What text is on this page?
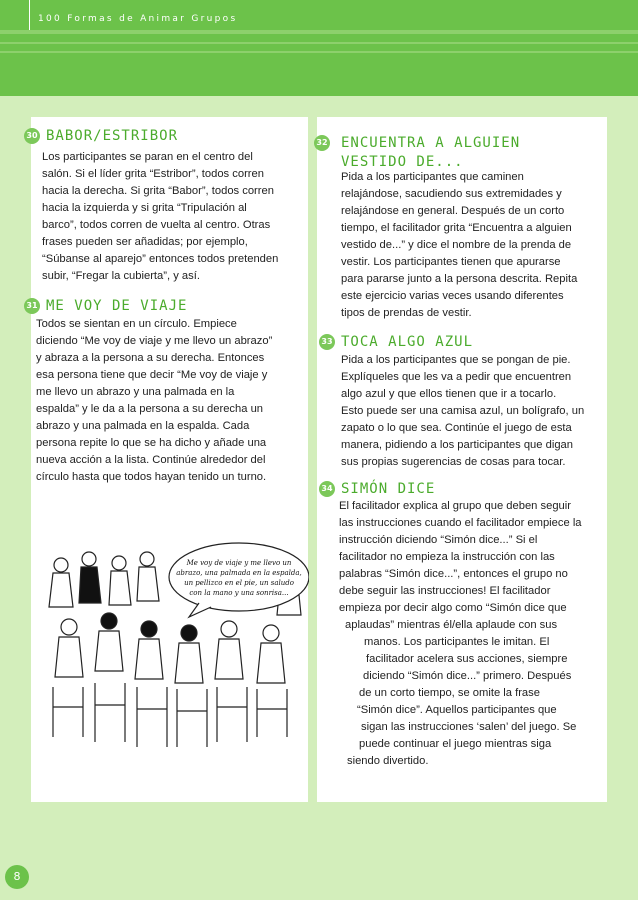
100 Formas de Animar Grupos
30 BABOR/ESTRIBOR

Los participantes se paran en el centro del

salón. Si el líder grita “Estribor”, todos corren

hacia la derecha. Si grita “Babor”, todos corren

hacia la izquierda y si grita “Tripulación al

barco”, todos corren de vuelta al centro. Otras

frases pueden ser añadidas; por ejemplo,

“Súbanse al aparejo” entonces todos pretenden

subir, “Fregar la cubierta”, y así.

31 ME VOY DE VIAJE

Todos se sientan en un círculo. Empiece

diciendo “Me voy de viaje y me llevo un abrazo”

y abraza a la persona a su derecha. Entonces

esa persona tiene que decir “Me voy de viaje y

me llevo un abrazo y una palmada en la

espalda” y le da a la persona a su derecha un

abrazo y una palmada en la espalda. Cada

persona repite lo que se ha dicho y añade una

nueva acción a la lista. Continúe alrededor del

círculo hasta que todos hayan tenido un turno.

Me voy de viaje y me llevo un
abrazo, una palmada en la espalda,
un pellizco en el pie, un saludo
con la mano y una sonrisa...
32 ENCUENTRA A ALGUIEN
VESTIDO DE...

Pida a los participantes que caminen

relajándose, sacudiendo sus extremidades y

relajándose en general. Después de un corto

tiempo, el facilitador grita “Encuentra a alguien

vestido de...” y dice el nombre de la prenda de

vestir. Los participantes tienen que apurarse

para pararse junto a la persona descrita. Repita

este ejercicio varias veces usando diferentes

tipos de prendas de vestir.

33 TOCA ALGO AZUL

Pida a los participantes que se pongan de pie.

Explíqueles que les va a pedir que encuentren

algo azul y que ellos tienen que ir a tocarlo.

Esto puede ser una camisa azul, un bolígrafo, un

zapato o lo que sea. Continúe el juego de esta

manera, pidiendo a los participantes que digan

sus propias sugerencias de cosas para tocar.

34 SIMÓN DICE

El facilitador explica al grupo que deben seguir

las instrucciones cuando el facilitador empiece la

instrucción diciendo “Simón dice...” Si el

facilitador no empieza la instrucción con las

palabras “Simón dice...”, entonces el grupo no

debe seguir las instrucciones! El facilitador

empieza por decir algo como “Simón dice que

aplaudas” mientras él/ella aplaude con sus

manos. Los participantes le imitan. El

facilitador acelera sus acciones, siempre

diciendo “Simón dice...” primero. Después

de un corto tiempo, se omite la frase

“Simón dice”. Aquellos participantes que

sigan las instrucciones ‘salen’ del juego. Se

puede continuar el juego mientras siga

siendo divertido.

8
